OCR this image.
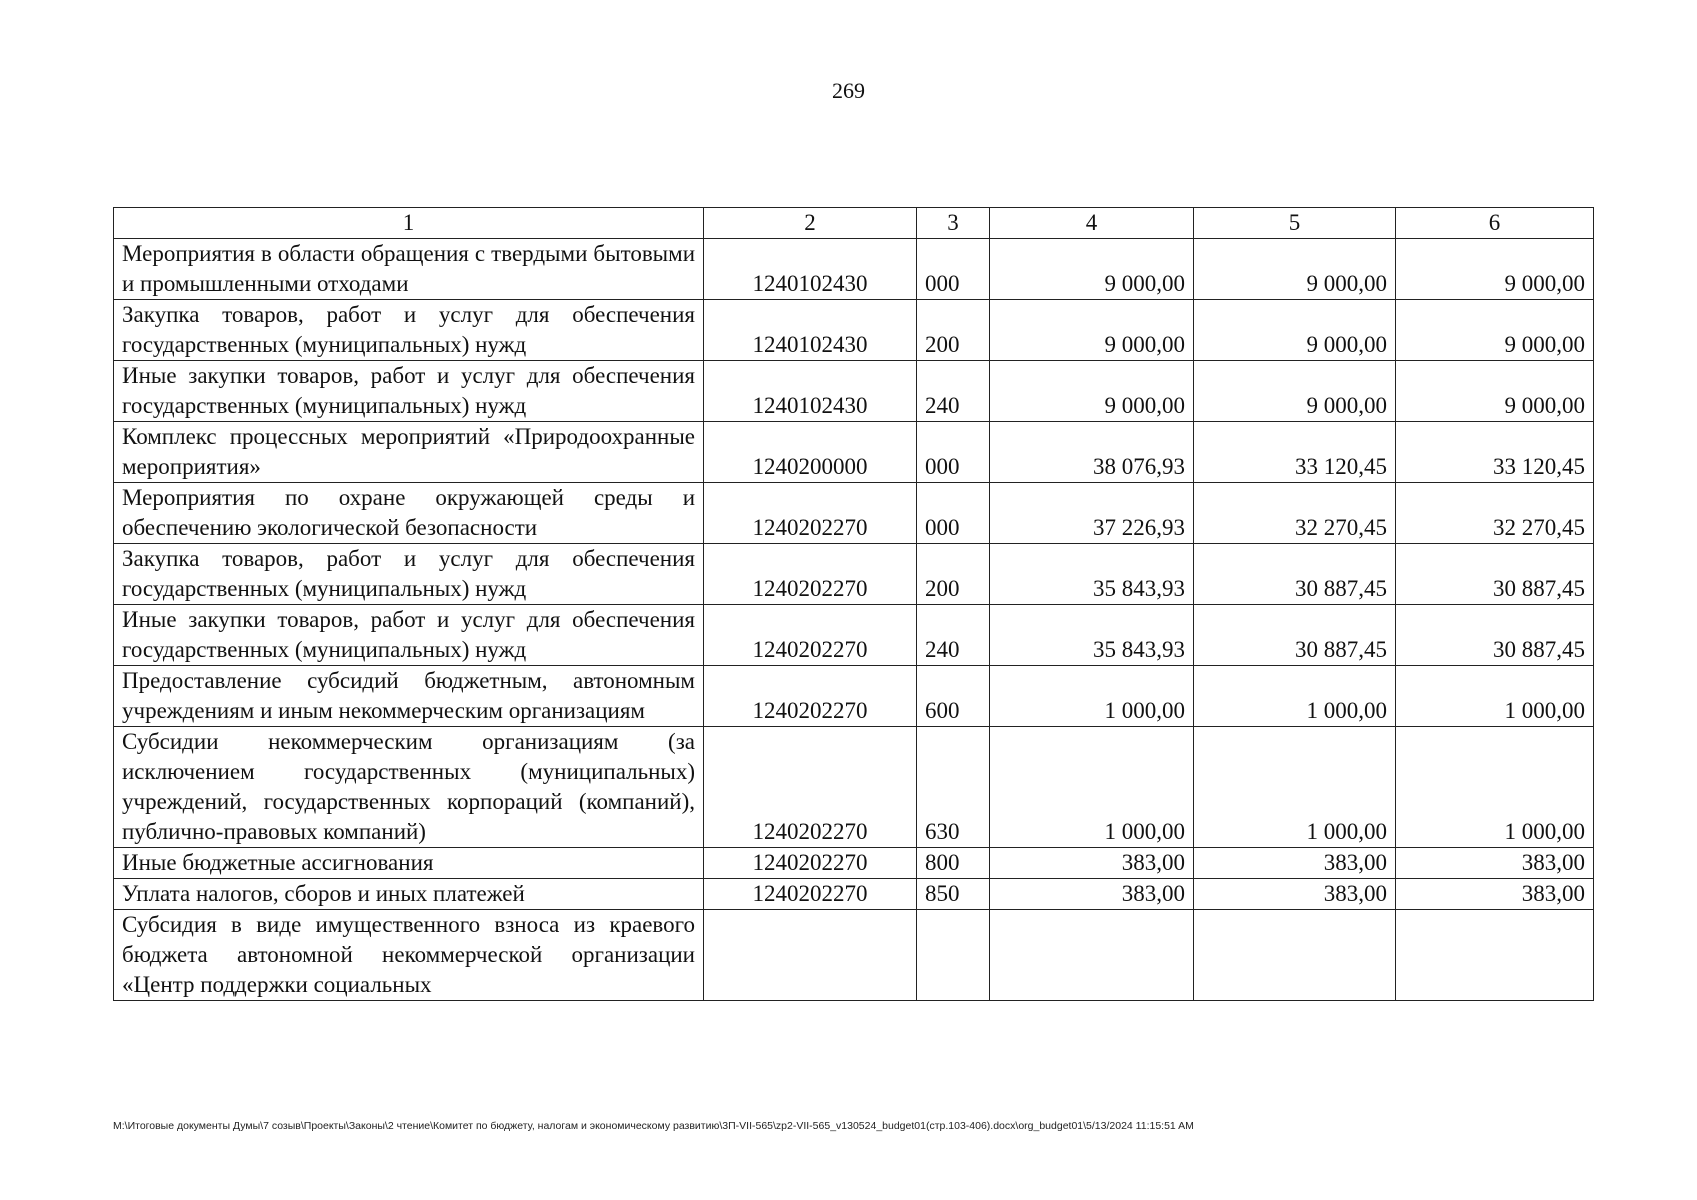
269
1	2	3	4	5	6
Мероприятия в области обращения с твердыми бытовыми и промышленными отходами	1240102430	000	9 000,00	9 000,00	9 000,00
Закупка товаров, работ и услуг для обеспечения государственных (муниципальных) нужд	1240102430	200	9 000,00	9 000,00	9 000,00
Иные закупки товаров, работ и услуг для обеспечения государственных (муниципальных) нужд	1240102430	240	9 000,00	9 000,00	9 000,00
Комплекс процессных мероприятий «Природоохранные мероприятия»	1240200000	000	38 076,93	33 120,45	33 120,45
Мероприятия по охране окружающей среды и обеспечению экологической безопасности	1240202270	000	37 226,93	32 270,45	32 270,45
Закупка товаров, работ и услуг для обеспечения государственных (муниципальных) нужд	1240202270	200	35 843,93	30 887,45	30 887,45
Иные закупки товаров, работ и услуг для обеспечения государственных (муниципальных) нужд	1240202270	240	35 843,93	30 887,45	30 887,45
Предоставление субсидий бюджетным, автономным учреждениям и иным некоммерческим организациям	1240202270	600	1 000,00	1 000,00	1 000,00
Субсидии некоммерческим организациям (за исключением государственных (муниципальных) учреждений, государственных корпораций (компаний), публично-правовых компаний)	1240202270	630	1 000,00	1 000,00	1 000,00
Иные бюджетные ассигнования	1240202270	800	383,00	383,00	383,00
Уплата налогов, сборов и иных платежей	1240202270	850	383,00	383,00	383,00
Субсидия в виде имущественного взноса из краевого бюджета автономной некоммерческой организации «Центр поддержки социальных					
M:\Итоговые документы Думы\7 созыв\Проекты\Законы\2 чтение\Комитет по бюджету, налогам и экономическому развитию\3П-VII-565\zp2-VII-565_v130524_budget01(стр.103-406).docx\org_budget01\5/13/2024 11:15:51 AM
